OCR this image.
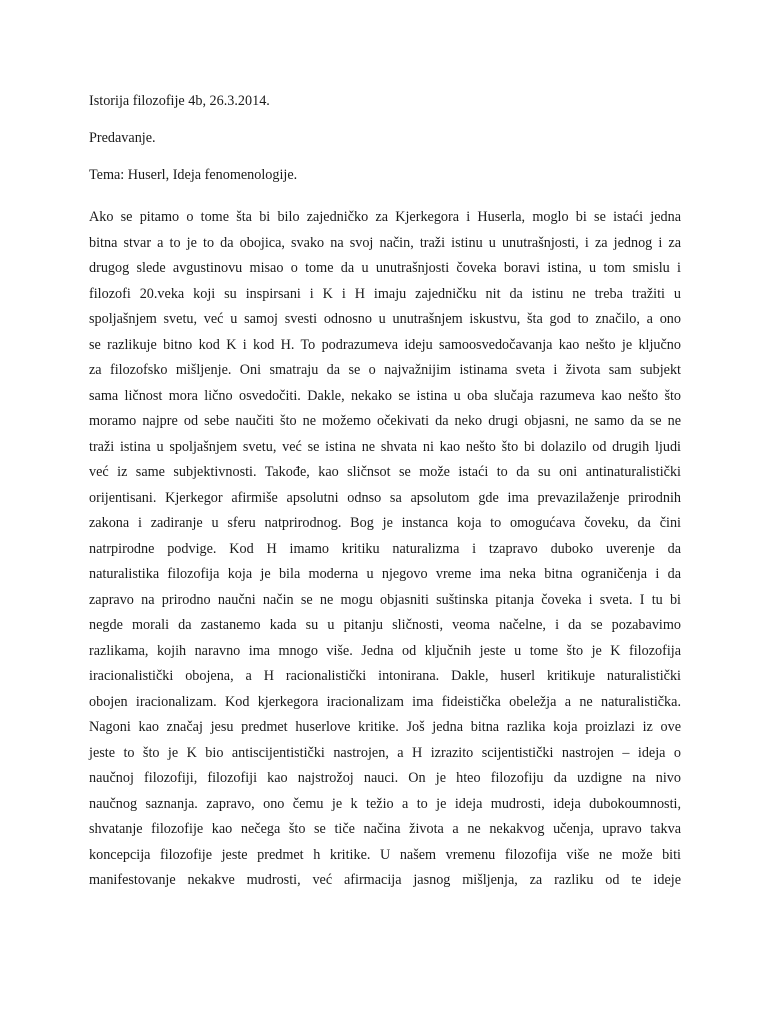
Istorija filozofije 4b, 26.3.2014.

Predavanje.

Tema: Huserl, Ideja fenomenologije.

Ako se pitamo o tome šta bi bilo zajedničko za Kjerkegora i Huserla, moglo bi se istaći jedna
bitna stvar a to je to da obojica, svako na svoj način, traži istinu u unutrašnjosti, i za jednog i za
drugog slede avgustinovu misao o tome da u unutrašnjosti čoveka boravi istina, u tom smislu i
filozofi 20.veka koji su inspirsani i K i H imaju zajedničku nit da istinu ne treba tražiti u
spoljašnjem svetu, već u samoj svesti odnosno u unutrašnjem iskustvu, šta god to značilo, a ono
se razlikuje bitno kod K i kod H. To podrazumeva ideju samoosvedočavanja kao nešto je ključno
za filozofsko mišljenje. Oni smatraju da se o najvažnijim istinama sveta i života sam subjekt
sama ličnost mora lično osvedočiti. Dakle, nekako se istina u oba slučaja razumeva kao nešto što
moramo najpre od sebe naučiti što ne možemo očekivati da neko drugi objasni, ne samo da se ne
traži istina u spoljašnjem svetu, već se istina ne shvata ni kao nešto što bi dolazilo od drugih ljudi
već iz same subjektivnosti. Takođe, kao sličnsot se može istaći to da su oni antinaturalistički
orijentisani. Kjerkegor afirmiše apsolutni odnso sa apsolutom gde ima prevazilaženje prirodnih
zakona i zadiranje u sferu natprirodnog. Bog je instanca koja to omogućava čoveku, da čini
natrpirodne podvige. Kod H imamo kritiku naturalizma i tzapravo duboko uverenje da
naturalistika filozofija koja je bila moderna u njegovo vreme ima neka bitna ograničenja i da
zapravo na prirodno naučni način se ne mogu objasniti suštinska pitanja čoveka i sveta. I tu bi
negde morali da zastanemo kada su u pitanju sličnosti, veoma načelne, i da se pozabavimo
razlikama, kojih naravno ima mnogo više. Jedna od ključnih jeste u tome što je K filozofija
iracionalistički obojena, a H racionalistički intonirana. Dakle, huserl kritikuje naturalistički
obojen iracionalizam. Kod kjerkegora iracionalizam ima fideistička obeležja a ne naturalistička.
Nagoni kao značaj jesu predmet huserlove kritike. Još jedna bitna razlika koja proizlazi iz ove
jeste to što je K bio antiscijentistički nastrojen, a H izrazito scijentistički nastrojen – ideja o
naučnoj filozofiji, filozofiji kao najstrožoj nauci. On je hteo filozofiju da uzdigne na nivo
naučnog saznanja. zapravo, ono čemu je k težio a to je ideja mudrosti, ideja dubokoumnosti,
shvatanje filozofije kao nečega što se tiče načina života a ne nekakvog učenja, upravo takva
koncepcija filozofije jeste predmet h kritike. U našem vremenu filozofija više ne može biti
manifestovanje nekakve mudrosti, već afirmacija jasnog mišljenja, za razliku od te ideje
